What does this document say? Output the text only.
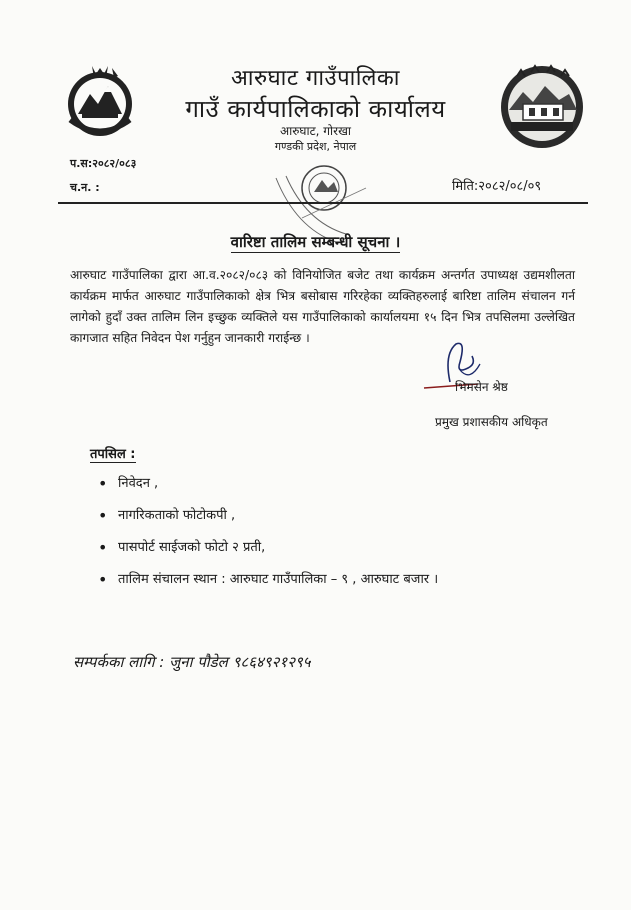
आरुघाट गाउँपालिका
गाउँ कार्यपालिकाको कार्यालय
आरुघाट, गोरखा
गण्डकी प्रदेश, नेपाल
प.स:२०८२/०८३
च.न. :	मिति:२०८२/०८/०९
वारिष्टा तालिम सम्बन्धी सूचना ।
आरुघाट गाउँपालिका द्वारा आ.व.२०८२/०८३ को विनियोजित बजेट तथा कार्यक्रम अन्तर्गत उपाध्यक्ष उद्यमशीलता कार्यक्रम मार्फत आरुघाट गाउँपालिकाको क्षेत्र भित्र बसोबास गरिरहेका व्यक्तिहरुलाई बारिष्टा तालिम संचालन गर्न लागेको हुदाँ उक्त तालिम लिन इच्छुक व्यक्तिले यस गाउँपालिकाको कार्यालयमा १५ दिन भित्र तपसिलमा उल्लेखित कागजात सहित निवेदन पेश गर्नुहुन जानकारी गराईन्छ ।
भिमसेन श्रेष्ठ
प्रमुख प्रशासकीय अधिकृत
तपसिल :
• निवेदन ,
• नागरिकताको फोटोकपी ,
• पासपोर्ट साईजको फोटो २ प्रती,
• तालिम संचालन स्थान : आरुघाट गाउँपालिका – ९ , आरुघाट बजार ।
सम्पर्कका लागि : जुना पौडेल ९८६४९२१२९५
